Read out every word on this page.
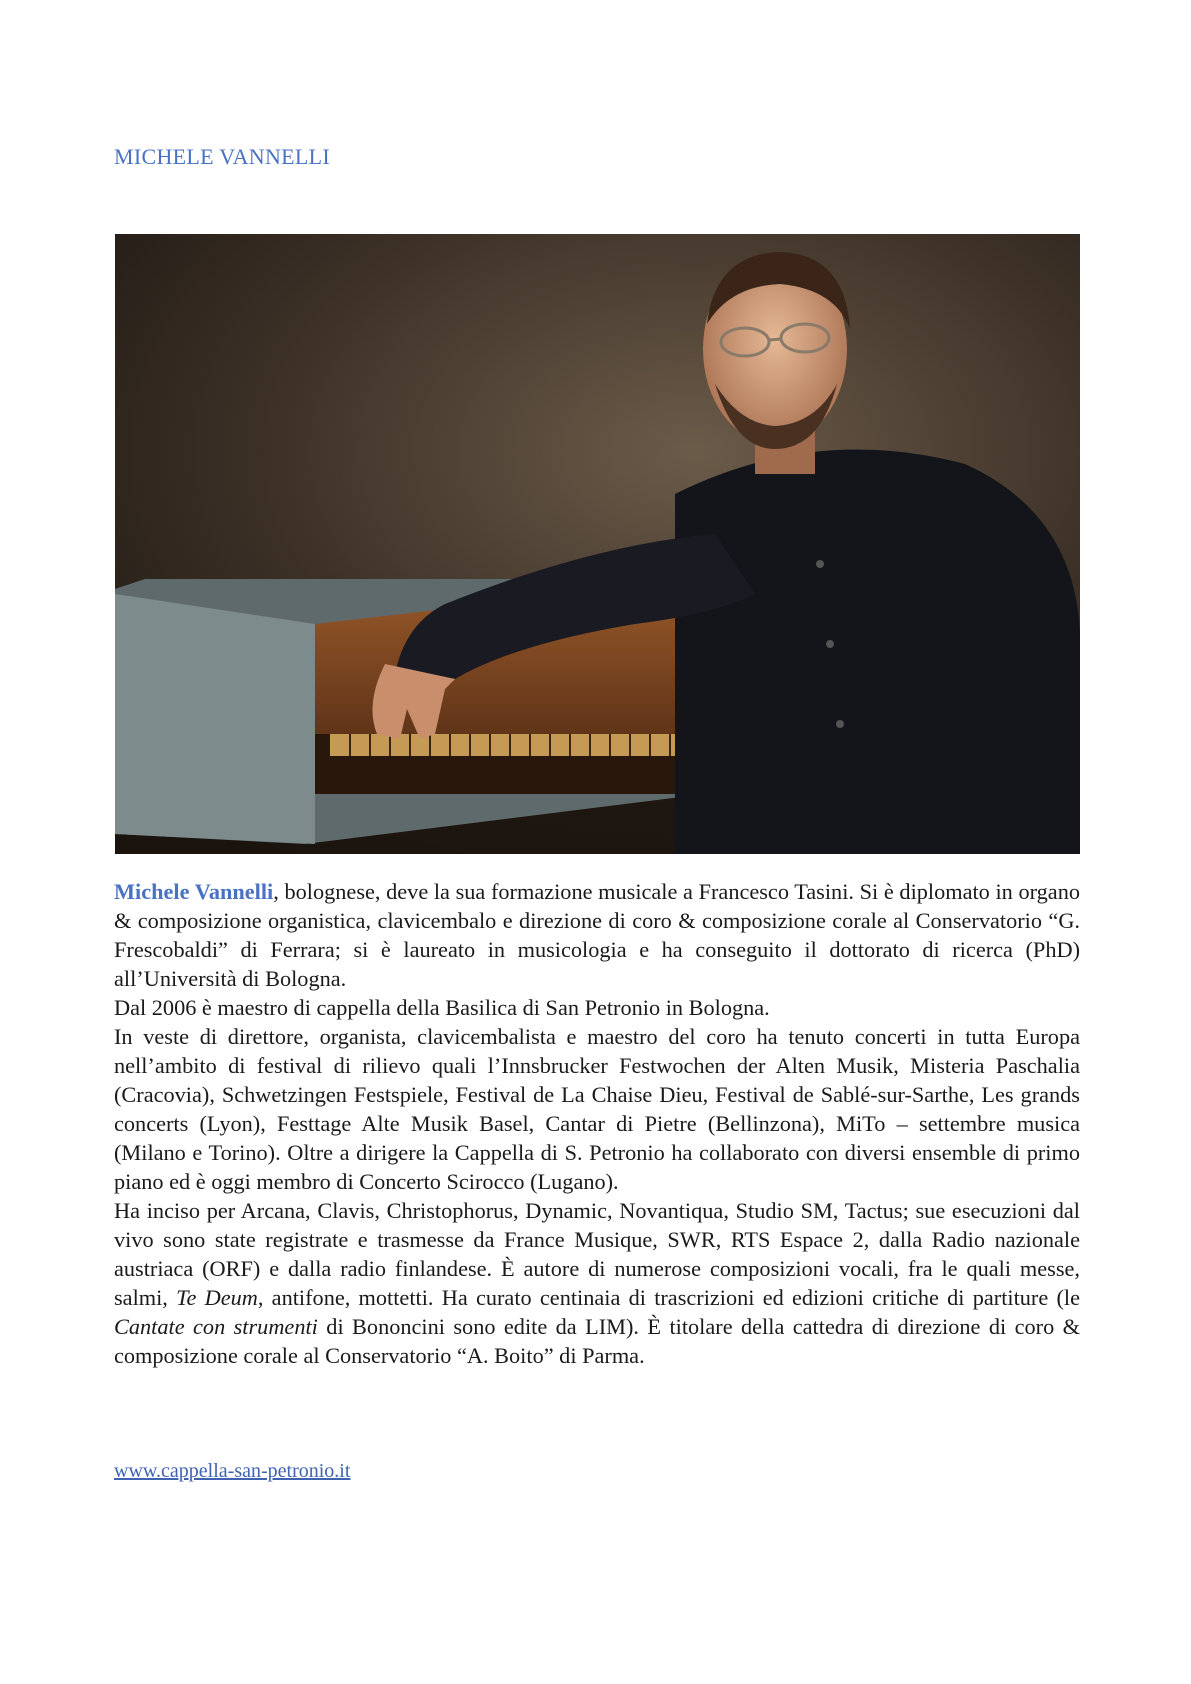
MICHELE VANNELLI

Michele Vannelli, bolognese, deve la sua formazione musicale a Francesco Tasini. Si è diplomato in organo & composizione organistica, clavicembalo e direzione di coro & composizione corale al Conservatorio “G. Frescobaldi” di Ferrara; si è laureato in musicologia e ha conseguito il dottorato di ricerca (PhD) all’Università di Bologna.

Dal 2006 è maestro di cappella della Basilica di San Petronio in Bologna.

In veste di direttore, organista, clavicembalista e maestro del coro ha tenuto concerti in tutta Europa nell’ambito di festival di rilievo quali l’Innsbrucker Festwochen der Alten Musik, Misteria Paschalia (Cracovia), Schwetzingen Festspiele, Festival de La Chaise Dieu, Festival de Sablé-sur-Sarthe, Les grands concerts (Lyon), Festtage Alte Musik Basel, Cantar di Pietre (Bellinzona), MiTo – settembre musica (Milano e Torino). Oltre a dirigere la Cappella di S. Petronio ha collaborato con diversi ensemble di primo piano ed è oggi membro di Concerto Scirocco (Lugano).

Ha inciso per Arcana, Clavis, Christophorus, Dynamic, Novantiqua, Studio SM, Tactus; sue esecuzioni dal vivo sono state registrate e trasmesse da France Musique, SWR, RTS Espace 2, dalla Radio nazionale austriaca (ORF) e dalla radio finlandese. È autore di numerose composizioni vocali, fra le quali messe, salmi, Te Deum, antifone, mottetti. Ha curato centinaia di trascrizioni ed edizioni critiche di partiture (le Cantate con strumenti di Bononcini sono edite da LIM). È titolare della cattedra di direzione di coro & composizione corale al Conservatorio “A. Boito” di Parma.

www.cappella-san-petronio.it
